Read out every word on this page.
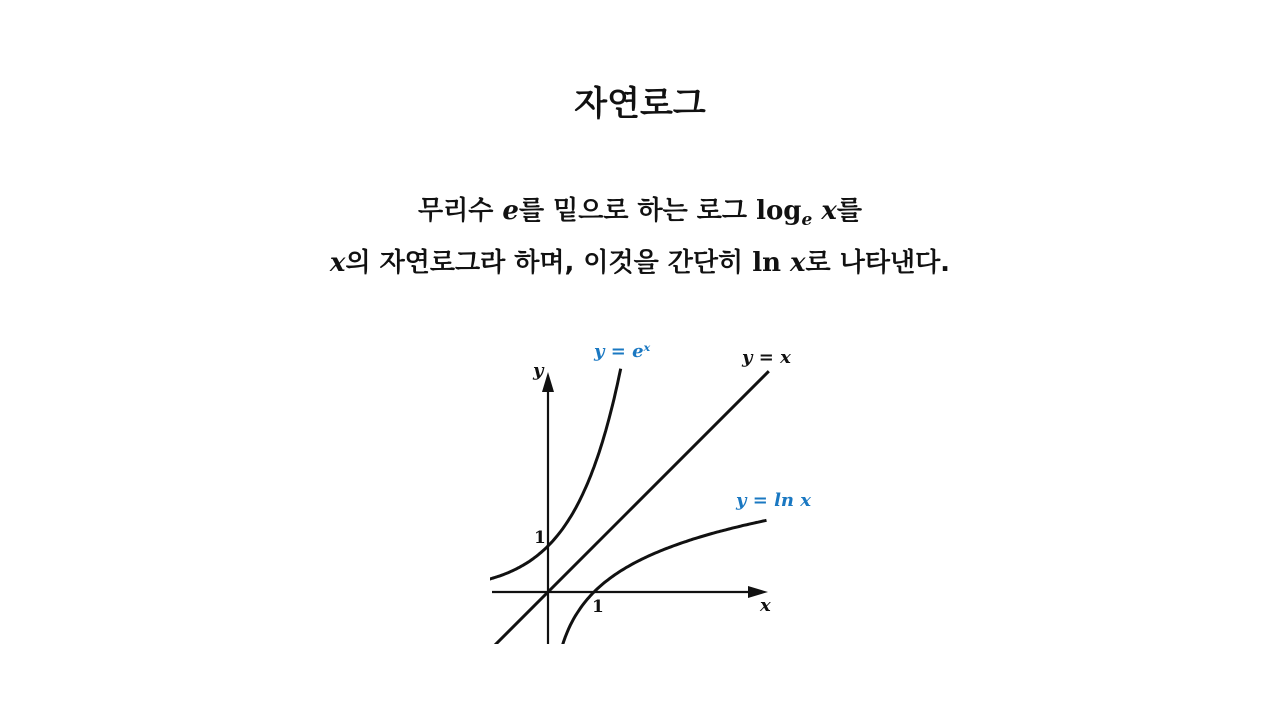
자연로그
무리수 e를 밑으로 하는 로그 $\log_e x$를
x의 자연로그라 하며, 이것을 간단히 ln x로 나타낸다.
y
x
1
1
y = eˣ	y = x
y = ln x
